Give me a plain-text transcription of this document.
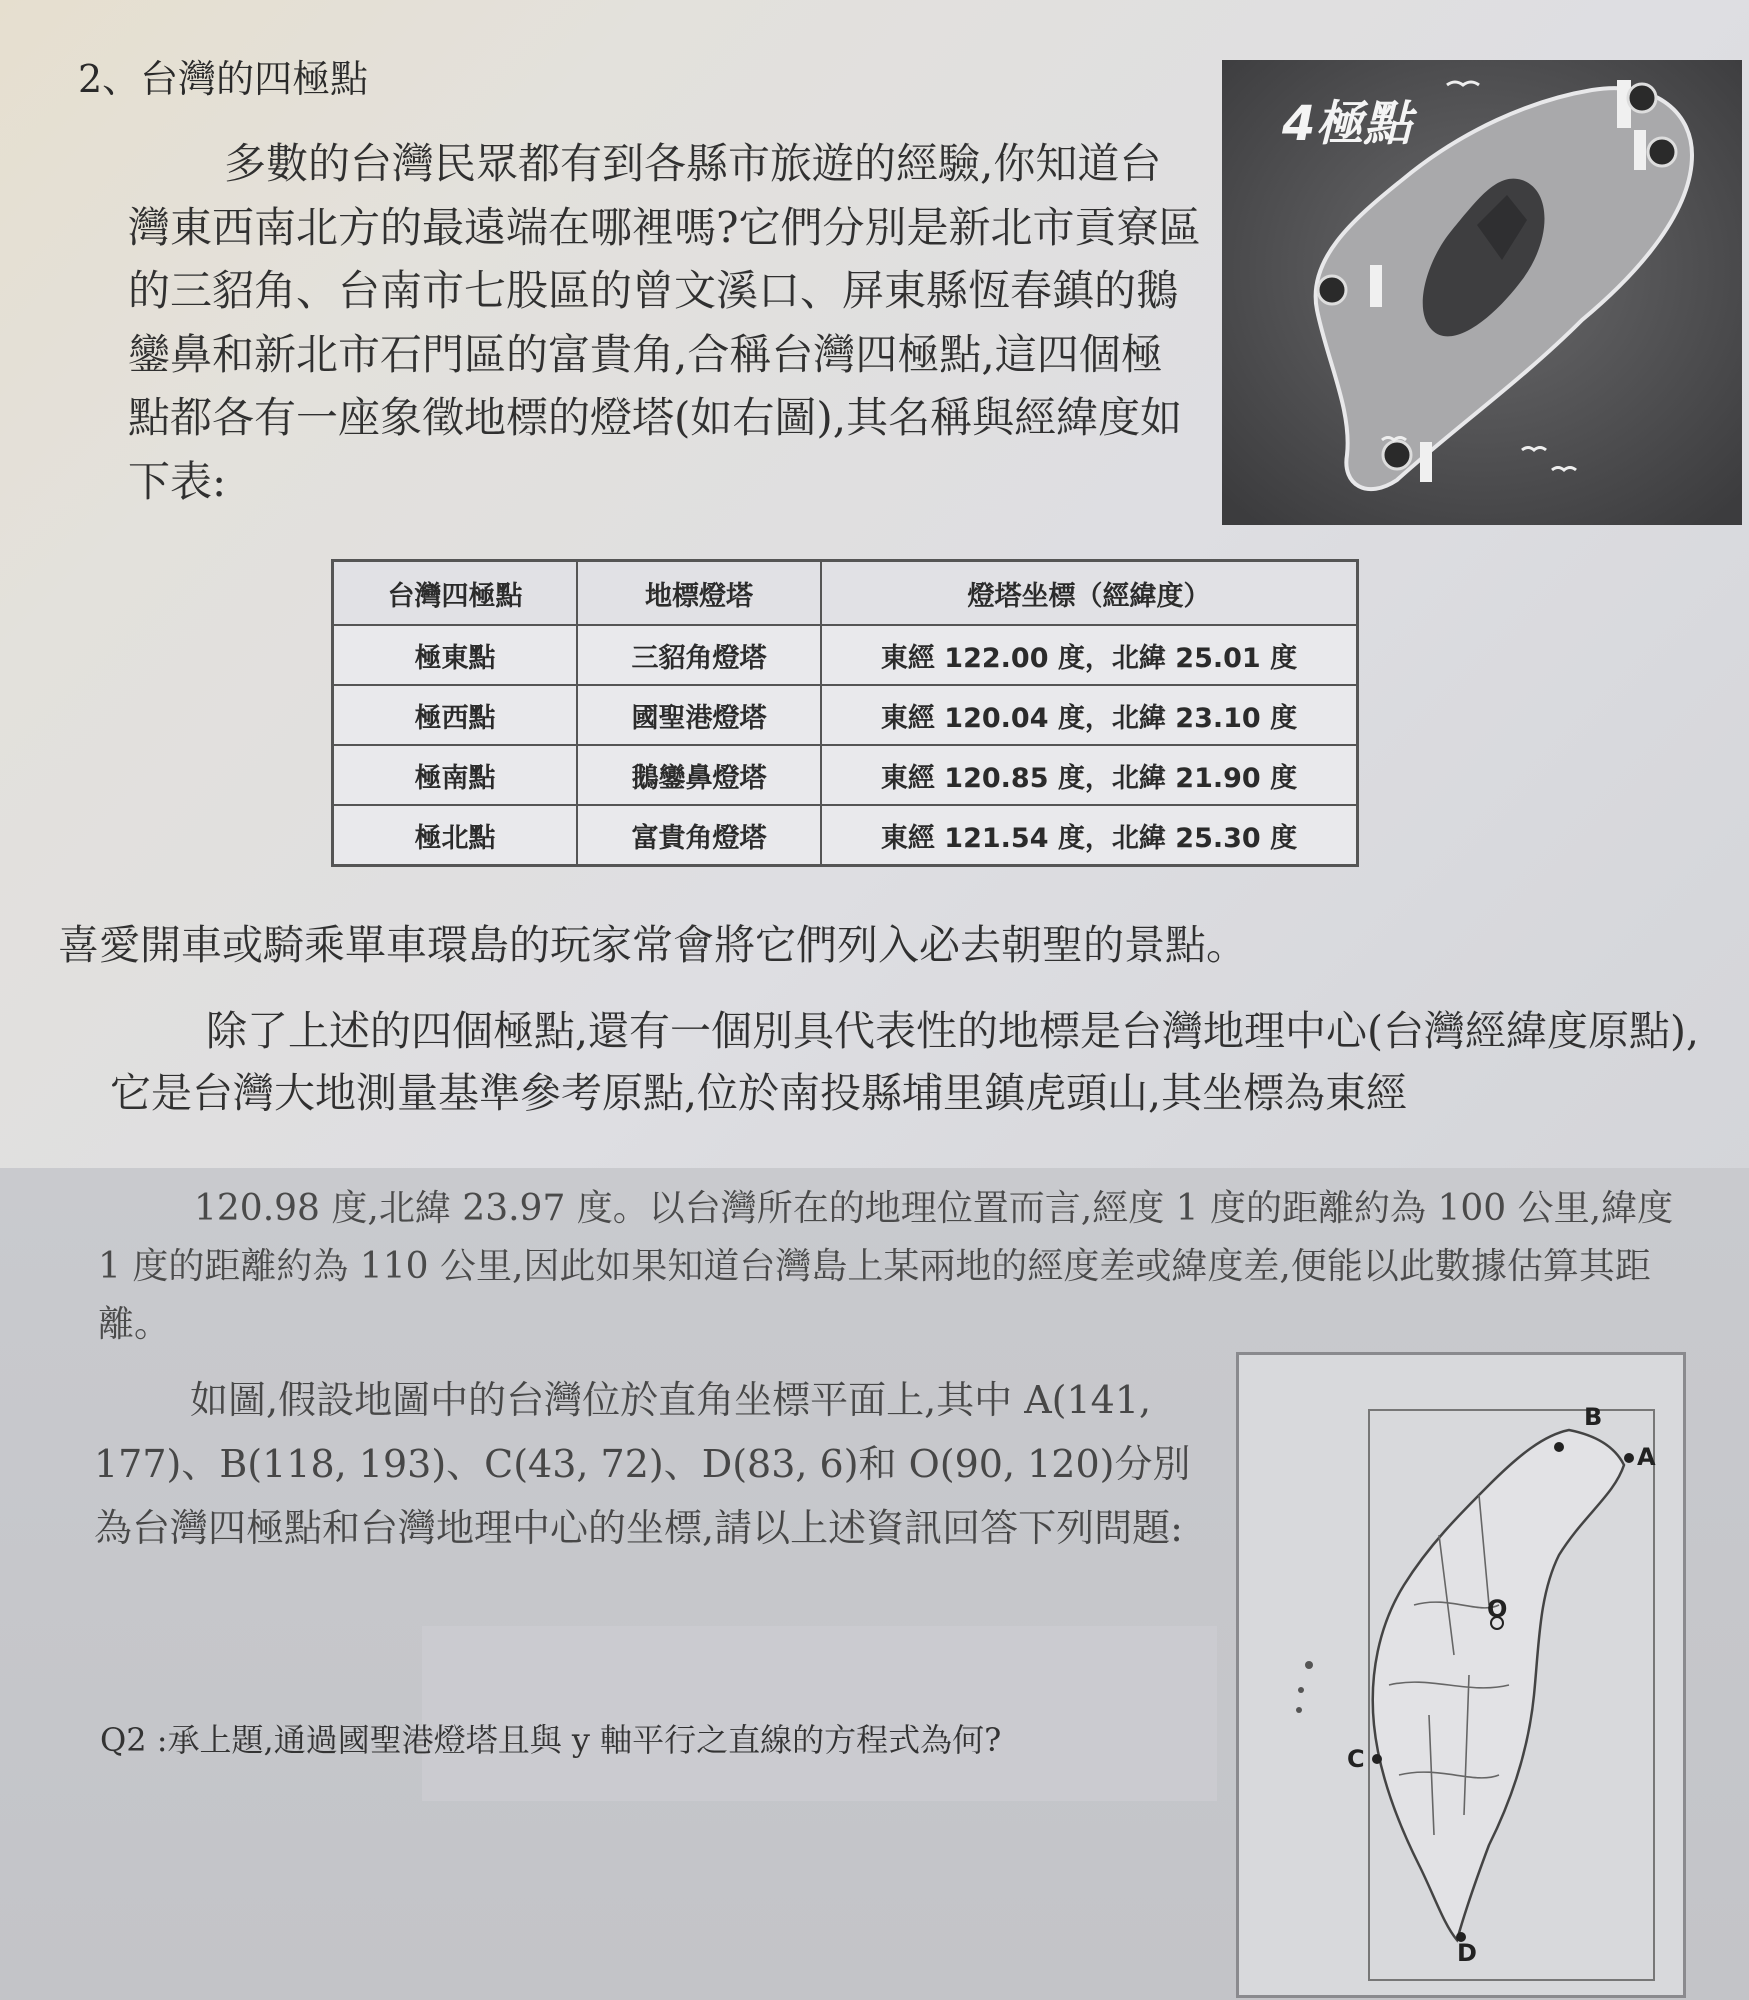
2、台灣的四極點

多數的台灣民眾都有到各縣市旅遊的經驗,你知道台灣東西南北方的最遠端在哪裡嗎?它們分別是新北市貢寮區的三貂角、台南市七股區的曾文溪口、屏東縣恆春鎮的鵝鑾鼻和新北市石門區的富貴角,合稱台灣四極點,這四個極點都各有一座象徵地標的燈塔(如右圖),其名稱與經緯度如下表:

4極點
台灣四極點	地標燈塔	燈塔坐標（經緯度）
極東點	三貂角燈塔	東經 122.00 度，北緯 25.01 度
極西點	國聖港燈塔	東經 120.04 度，北緯 23.10 度
極南點	鵝鑾鼻燈塔	東經 120.85 度，北緯 21.90 度
極北點	富貴角燈塔	東經 121.54 度，北緯 25.30 度

喜愛開車或騎乘單車環島的玩家常會將它們列入必去朝聖的景點。

除了上述的四個極點,還有一個別具代表性的地標是台灣地理中心(台灣經緯度原點),它是台灣大地測量基準參考原點,位於南投縣埔里鎮虎頭山,其坐標為東經

120.98 度,北緯 23.97 度。以台灣所在的地理位置而言,經度 1 度的距離約為 100 公里,緯度 1 度的距離約為 110 公里,因此如果知道台灣島上某兩地的經度差或緯度差,便能以此數據估算其距離。

如圖,假設地圖中的台灣位於直角坐標平面上,其中 A(141, 177)、B(118, 193)、C(43, 72)、D(83, 6)和 O(90, 120)分別為台灣四極點和台灣地理中心的坐標,請以上述資訊回答下列問題:

Q2 :承上題,通過國聖港燈塔且與 y 軸平行之直線的方程式為何?
B
A
C
D
O
